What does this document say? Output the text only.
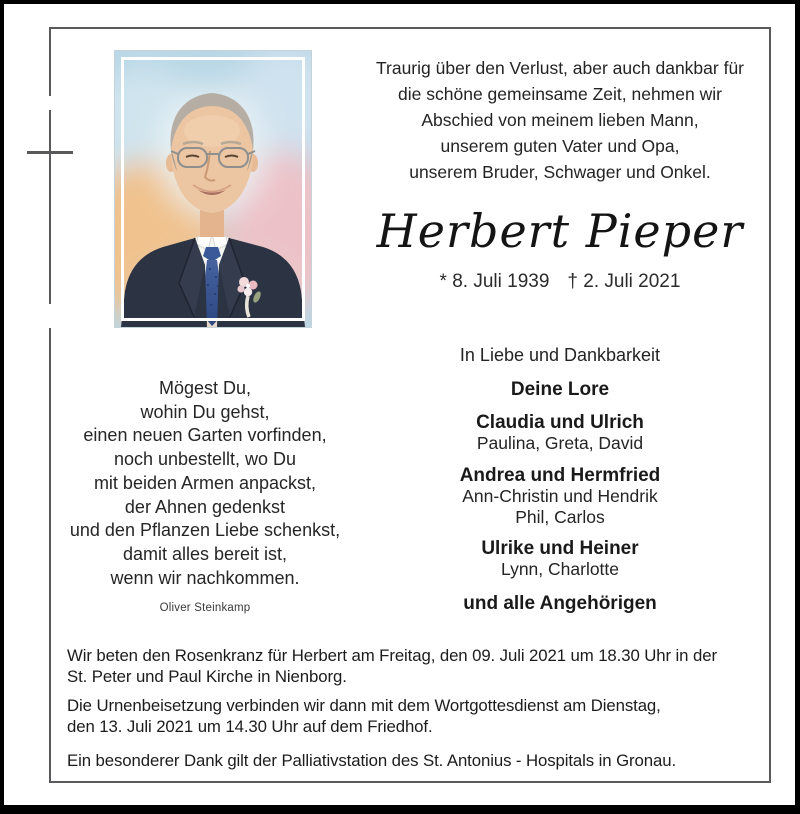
Traurig über den Verlust, aber auch dankbar für
die schöne gemeinsame Zeit, nehmen wir
Abschied von meinem lieben Mann,
unserem guten Vater und Opa,
unserem Bruder, Schwager und Onkel.
Herbert Pieper
* 8. Juli 1939 † 2. Juli 2021
In Liebe und Dankbarkeit
Deine Lore
Claudia und Ulrich
Paulina, Greta, David
Andrea und Hermfried
Ann-Christin und Hendrik
Phil, Carlos
Ulrike und Heiner
Lynn, Charlotte
und alle Angehörigen
Mögest Du,
wohin Du gehst,
einen neuen Garten vorfinden,
noch unbestellt, wo Du
mit beiden Armen anpackst,
der Ahnen gedenkst
und den Pflanzen Liebe schenkst,
damit alles bereit ist,
wenn wir nachkommen.
Oliver Steinkamp

Wir beten den Rosenkranz für Herbert am Freitag, den 09. Juli 2021 um 18.30 Uhr in der
St. Peter und Paul Kirche in Nienborg.

Die Urnenbeisetzung verbinden wir dann mit dem Wortgottesdienst am Dienstag,
den 13. Juli 2021 um 14.30 Uhr auf dem Friedhof.

Ein besonderer Dank gilt der Palliativstation des St. Antonius - Hospitals in Gronau.
